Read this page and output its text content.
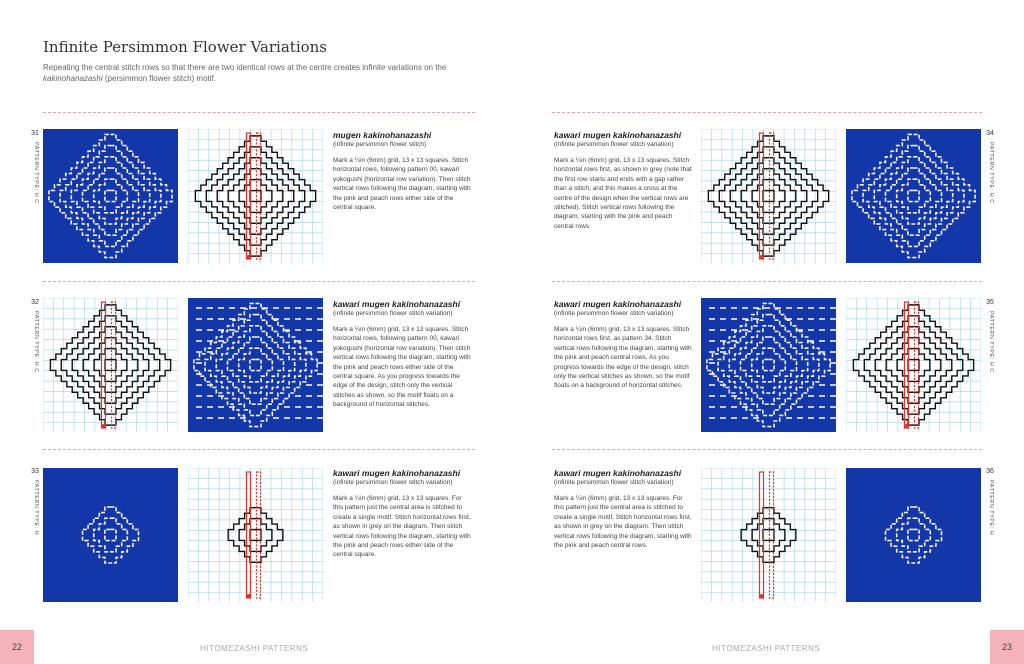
Infinite Persimmon Flower Variations
Repeating the central stitch rows so that there are two identical rows at the centre creates infinite variations on the kakinohanazashi (persimmon flower stitch) motif.
31
PATTERN TYPE: H C
mugen kakinohanazashi
(infinite persimmon flower stitch)
Mark a ¼in (6mm) grid, 13 x 13 squares. Stitch horizontal rows, following pattern 00, kawari yokogushi (horizontal row variation). Then stitch vertical rows following the diagram, starting with the pink and peach rows either side of the central square.
32
PATTERN TYPE: H C
kawari mugen kakinohanazashi
(infinite persimmon flower stitch variation)
Mark a ¼in (6mm) grid, 13 x 13 squares. Stitch horizontal rows, following pattern 00, kawari yokogushi (horizontal row variation). Then stitch vertical rows following the diagram, starting with the pink and peach rows either side of the central square. As you progress towards the edge of the design, stitch only the vertical stitches as shown, so the motif floats on a background of horizontal stitches.
33
PATTERN TYPE: H
kawari mugen kakinohanazashi
(infinite persimmon flower stitch variation)
Mark a ¼in (6mm) grid, 13 x 13 squares. For this pattern just the central area is stitched to create a single motif. Stitch horizontal rows first, as shown in grey on the diagram. Then stitch vertical rows following the diagram, starting with the pink and peach rows either side of the central square.
kawari mugen kakinohanazashi
(infinite persimmon flower stitch variation)
Mark a ¼in (6mm) grid, 13 x 13 squares. Stitch horizontal rows first, as shown in grey (note that the first row starts and ends with a gap rather than a stitch, and this makes a cross at the centre of the design when the vertical rows are stitched). Stitch vertical rows following the diagram, starting with the pink and peach central rows.
34
PATTERN TYPE: H C
kawari mugen kakinohanazashi
(infinite persimmon flower stitch variation)
Mark a ¼in (6mm) grid, 13 x 13 squares. Stitch horizontal rows first, as pattern 34. Stitch vertical rows following the diagram, starting with the pink and peach central rows. As you progress towards the edge of the design, stitch only the vertical stitches as shown, so the motif floats on a background of horizontal stitches.
35
PATTERN TYPE: H C
kawari mugen kakinohanazashi
(infinite persimmon flower stitch variation)
Mark a ¼in (6mm) grid, 13 x 13 squares. For this pattern just the central area is stitched to create a single motif. Stitch horizontal rows first, as shown in grey on the diagram. Then stitch vertical rows following the diagram, starting with the pink and peach central rows.
36
PATTERN TYPE: H
22	HITOMEZASHI PATTERNS	HITOMEZASHI PATTERNS	23
